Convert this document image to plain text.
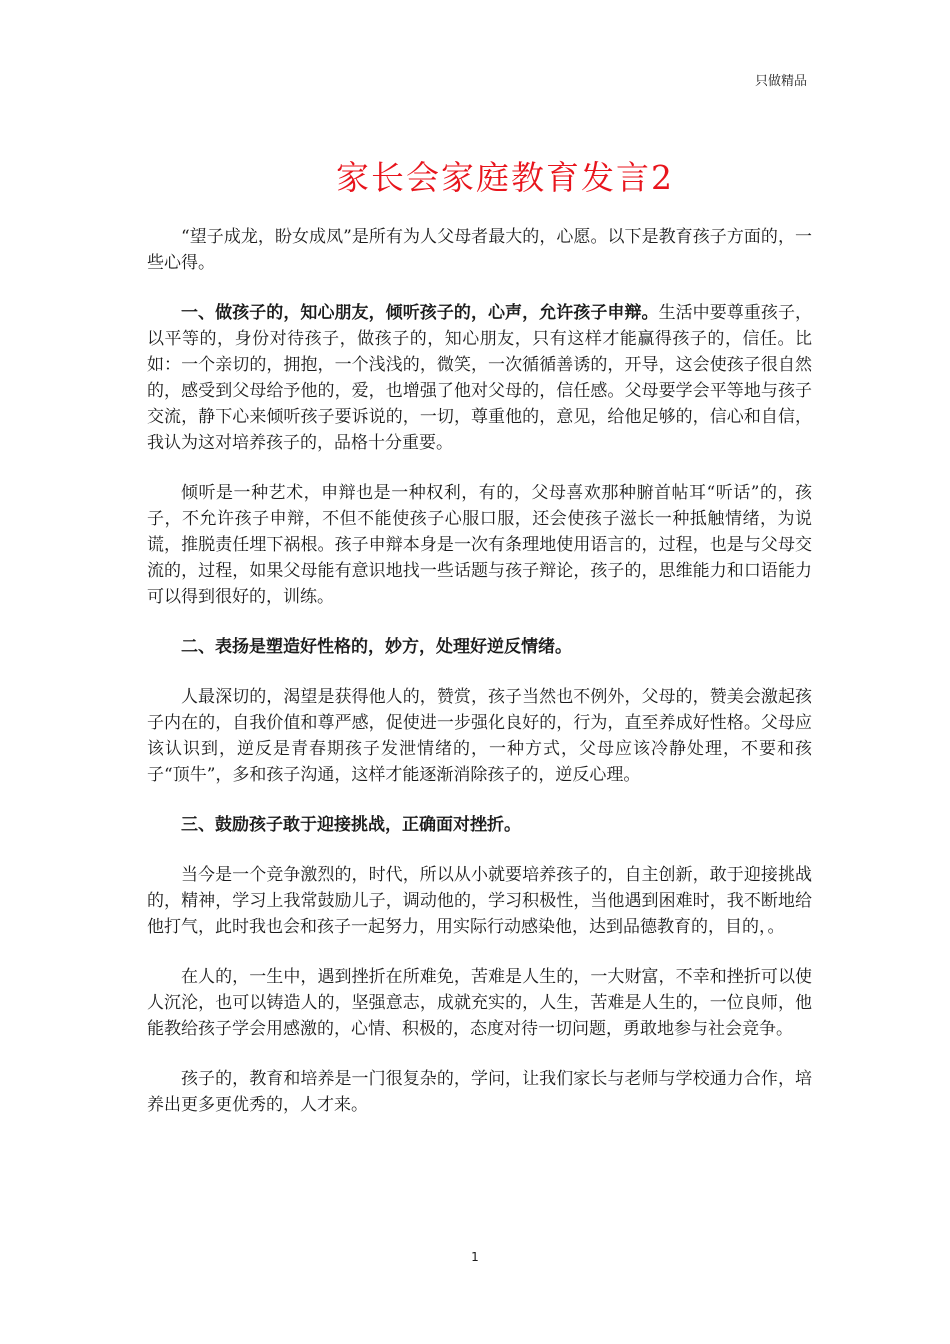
只做精品
家长会家庭教育发言2

“望子成龙，盼女成凤”是所有为人父母者最大的，心愿。以下是教育孩子方面的，一些心得。

一、做孩子的，知心朋友，倾听孩子的，心声，允许孩子申辩。生活中要尊重孩子，以平等的，身份对待孩子，做孩子的，知心朋友，只有这样才能赢得孩子的，信任。比如：一个亲切的，拥抱，一个浅浅的，微笑，一次循循善诱的，开导，这会使孩子很自然的，感受到父母给予他的，爱，也增强了他对父母的，信任感。父母要学会平等地与孩子交流，静下心来倾听孩子要诉说的，一切，尊重他的，意见，给他足够的，信心和自信，我认为这对培养孩子的，品格十分重要。

倾听是一种艺术，申辩也是一种权利，有的，父母喜欢那种腑首帖耳“听话”的，孩子，不允许孩子申辩，不但不能使孩子心服口服，还会使孩子滋长一种抵触情绪，为说谎，推脱责任埋下祸根。孩子申辩本身是一次有条理地使用语言的，过程，也是与父母交流的，过程，如果父母能有意识地找一些话题与孩子辩论，孩子的，思维能力和口语能力可以得到很好的，训练。

二、表扬是塑造好性格的，妙方，处理好逆反情绪。

人最深切的，渴望是获得他人的，赞赏，孩子当然也不例外，父母的，赞美会激起孩子内在的，自我价值和尊严感，促使进一步强化良好的，行为，直至养成好性格。父母应该认识到，逆反是青春期孩子发泄情绪的，一种方式，父母应该冷静处理，不要和孩子“顶牛”，多和孩子沟通，这样才能逐渐消除孩子的，逆反心理。

三、鼓励孩子敢于迎接挑战，正确面对挫折。

当今是一个竞争激烈的，时代，所以从小就要培养孩子的，自主创新，敢于迎接挑战的，精神，学习上我常鼓励儿子，调动他的，学习积极性，当他遇到困难时，我不断地给他打气，此时我也会和孩子一起努力，用实际行动感染他，达到品德教育的，目的，。

在人的，一生中，遇到挫折在所难免，苦难是人生的，一大财富，不幸和挫折可以使人沉沦，也可以铸造人的，坚强意志，成就充实的，人生，苦难是人生的，一位良师，他能教给孩子学会用感激的，心情、积极的，态度对待一切问题，勇敢地参与社会竞争。

孩子的，教育和培养是一门很复杂的，学问，让我们家长与老师与学校通力合作，培养出更多更优秀的，人才来。

1
